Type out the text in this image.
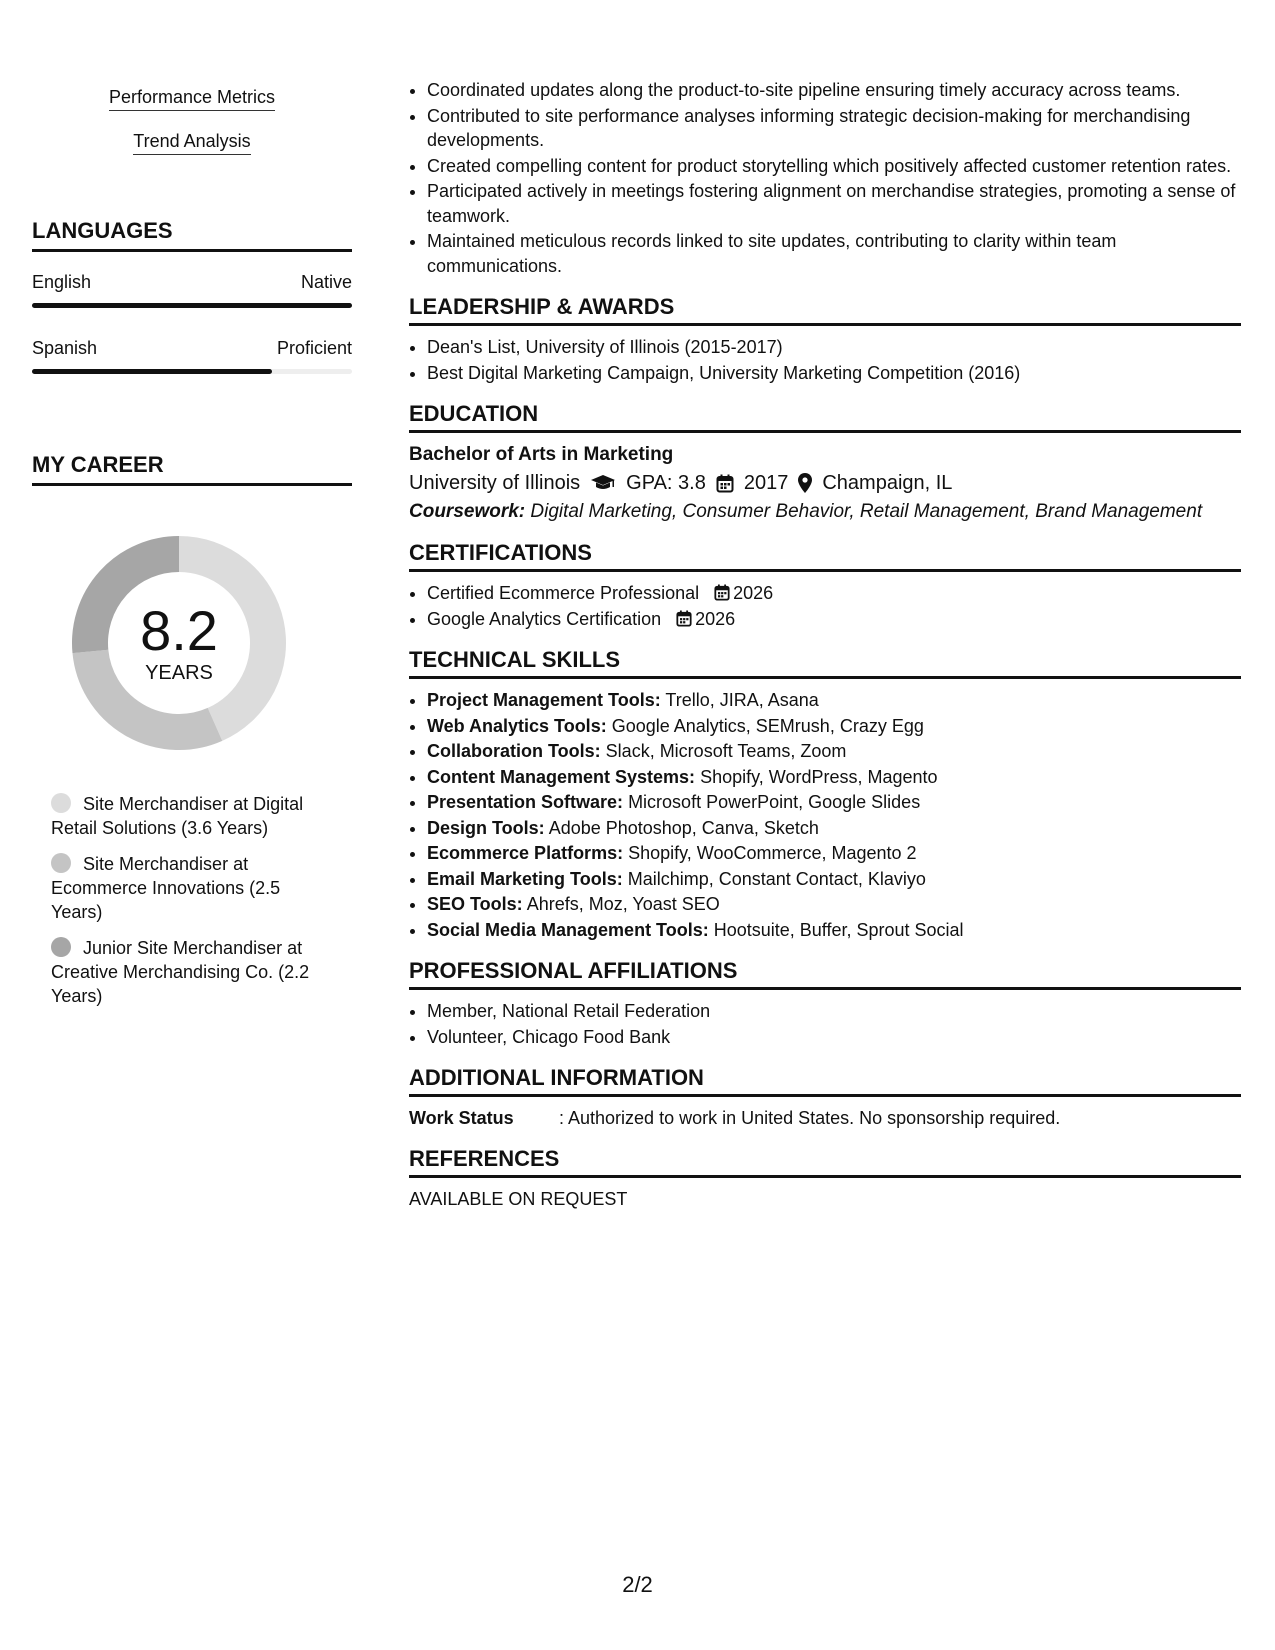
Performance Metrics
Trend Analysis
LANGUAGES
English	Native
Spanish	Proficient
MY CAREER
8.2
YEARS
Site Merchandiser at Digital Retail Solutions (3.6 Years)
Site Merchandiser at Ecommerce Innovations (2.5 Years)
Junior Site Merchandiser at Creative Merchandising Co. (2.2 Years)
• Coordinated updates along the product-to-site pipeline ensuring timely accuracy across teams.
• Contributed to site performance analyses informing strategic decision-making for merchandising developments.
• Created compelling content for product storytelling which positively affected customer retention rates.
• Participated actively in meetings fostering alignment on merchandise strategies, promoting a sense of teamwork.
• Maintained meticulous records linked to site updates, contributing to clarity within team communications.
LEADERSHIP & AWARDS
• Dean's List, University of Illinois (2015-2017)
• Best Digital Marketing Campaign, University Marketing Competition (2016)
EDUCATION
Bachelor of Arts in Marketing
University of Illinois GPA: 3.8 2017 Champaign, IL
Coursework: Digital Marketing, Consumer Behavior, Retail Management, Brand Management
CERTIFICATIONS
• Certified Ecommerce Professional 2026
• Google Analytics Certification 2026
TECHNICAL SKILLS
• Project Management Tools: Trello, JIRA, Asana
• Web Analytics Tools: Google Analytics, SEMrush, Crazy Egg
• Collaboration Tools: Slack, Microsoft Teams, Zoom
• Content Management Systems: Shopify, WordPress, Magento
• Presentation Software: Microsoft PowerPoint, Google Slides
• Design Tools: Adobe Photoshop, Canva, Sketch
• Ecommerce Platforms: Shopify, WooCommerce, Magento 2
• Email Marketing Tools: Mailchimp, Constant Contact, Klaviyo
• SEO Tools: Ahrefs, Moz, Yoast SEO
• Social Media Management Tools: Hootsuite, Buffer, Sprout Social
PROFESSIONAL AFFILIATIONS
• Member, National Retail Federation
• Volunteer, Chicago Food Bank
ADDITIONAL INFORMATION
Work Status	: Authorized to work in United States. No sponsorship required.
REFERENCES
AVAILABLE ON REQUEST
2/2
